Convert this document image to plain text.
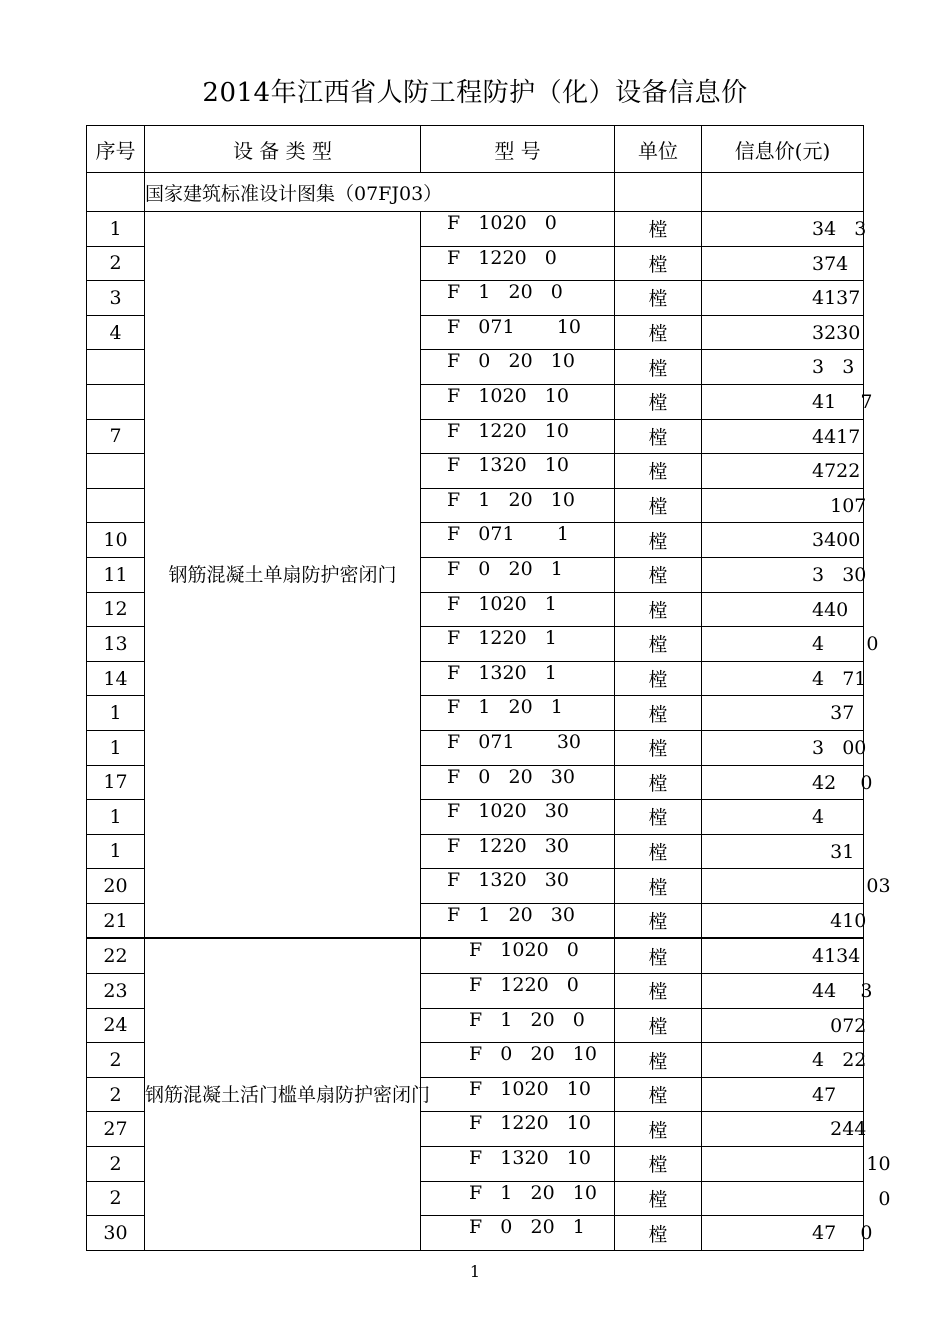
2014年江西省人防工程防护（化）设备信息价
序号	设 备 类 型	型 号	单位	信息价(元)
	国家建筑标准设计图集（07FJ03）			
1	钢筋混凝土单扇防护密闭门	F   1020   0	樘	34   3

2		F   1220   0	樘	374

3		F   1   20   0	樘	4137

4		F   071       10	樘	3230

		F   0   20   10	樘	3   3

		F   1020   10	樘	41    7

7		F   1220   10	樘	4417

		F   1320   10	樘	4722

		F   1   20   10	樘	107

10		F   071       1	樘	3400

11		F   0   20   1	樘	3   30

12		F   1020   1	樘	440

13		F   1220   1	樘	4       0

14		F   1320   1	樘	4   71

1		F   1   20   1	樘	37

1		F   071       30	樘	3   00

17		F   0   20   30	樘	42    0

1		F   1020   30	樘	4

1		F   1220   30	樘	31

20		F   1320   30	樘	03

21		F   1   20   30	樘	410

22	钢筋混凝土活门槛单扇防护密闭门	F   1020   0	樘	4134

23		F   1220   0	樘	44    3

24		F   1   20   0	樘	072

2		F   0   20   10	樘	4   22

2		F   1020   10	樘	47

27		F   1220   10	樘	244

2		F   1320   10	樘	10

2		F   1   20   10	樘	0

30		F   0   20   1	樘	47    0
1
